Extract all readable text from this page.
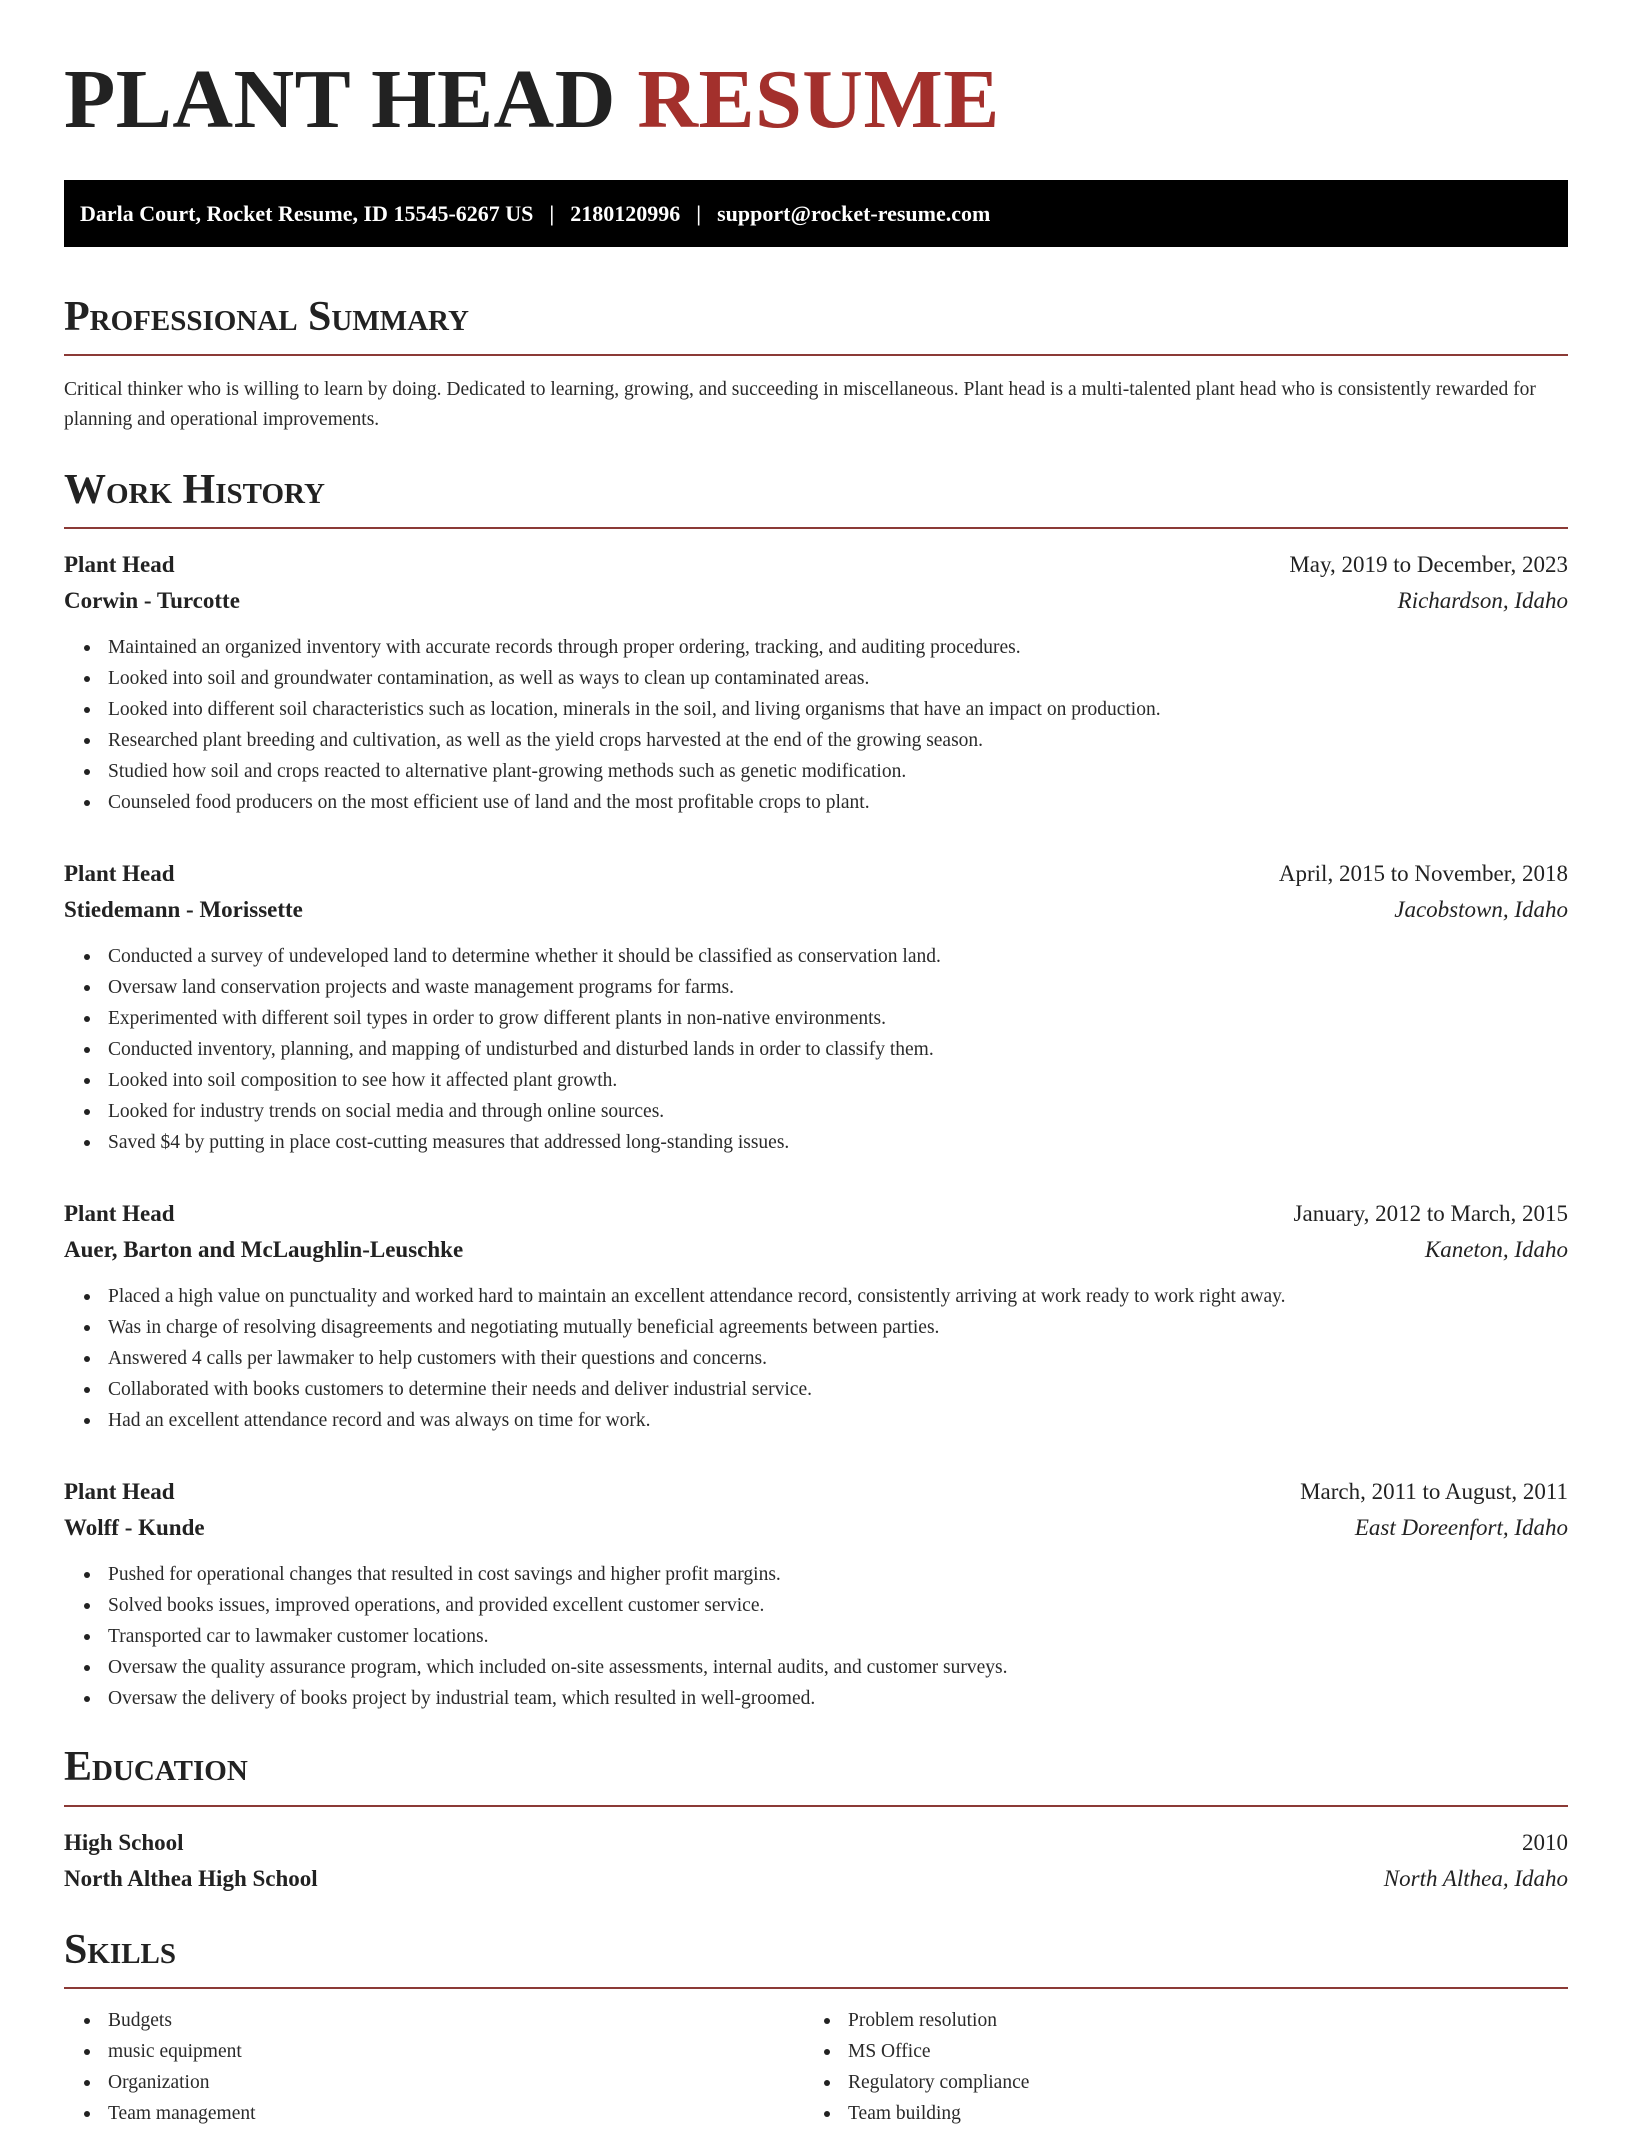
PLANT HEAD RESUME
Darla Court, Rocket Resume, ID 15545-6267 US | 2180120996 | support@rocket-resume.com
Professional Summary

Critical thinker who is willing to learn by doing. Dedicated to learning, growing, and succeeding in miscellaneous. Plant head is a multi-talented plant head who is consistently rewarded for planning and operational improvements.

Work History
Plant Head	May, 2019 to December, 2023
Corwin - Turcotte	Richardson, Idaho
Maintained an organized inventory with accurate records through proper ordering, tracking, and auditing procedures.
Looked into soil and groundwater contamination, as well as ways to clean up contaminated areas.
Looked into different soil characteristics such as location, minerals in the soil, and living organisms that have an impact on production.
Researched plant breeding and cultivation, as well as the yield crops harvested at the end of the growing season.
Studied how soil and crops reacted to alternative plant-growing methods such as genetic modification.
Counseled food producers on the most efficient use of land and the most profitable crops to plant.
Plant Head	April, 2015 to November, 2018
Stiedemann - Morissette	Jacobstown, Idaho
Conducted a survey of undeveloped land to determine whether it should be classified as conservation land.
Oversaw land conservation projects and waste management programs for farms.
Experimented with different soil types in order to grow different plants in non-native environments.
Conducted inventory, planning, and mapping of undisturbed and disturbed lands in order to classify them.
Looked into soil composition to see how it affected plant growth.
Looked for industry trends on social media and through online sources.
Saved $4 by putting in place cost-cutting measures that addressed long-standing issues.
Plant Head	January, 2012 to March, 2015
Auer, Barton and McLaughlin-Leuschke	Kaneton, Idaho
Placed a high value on punctuality and worked hard to maintain an excellent attendance record, consistently arriving at work ready to work right away.
Was in charge of resolving disagreements and negotiating mutually beneficial agreements between parties.
Answered 4 calls per lawmaker to help customers with their questions and concerns.
Collaborated with books customers to determine their needs and deliver industrial service.
Had an excellent attendance record and was always on time for work.
Plant Head	March, 2011 to August, 2011
Wolff - Kunde	East Doreenfort, Idaho
Pushed for operational changes that resulted in cost savings and higher profit margins.
Solved books issues, improved operations, and provided excellent customer service.
Transported car to lawmaker customer locations.
Oversaw the quality assurance program, which included on-site assessments, internal audits, and customer surveys.
Oversaw the delivery of books project by industrial team, which resulted in well-groomed.
Education
High School	2010
North Althea High School	North Althea, Idaho
Skills
Budgets
music equipment
Organization
Team management
Problem resolution
MS Office
Regulatory compliance
Team building
